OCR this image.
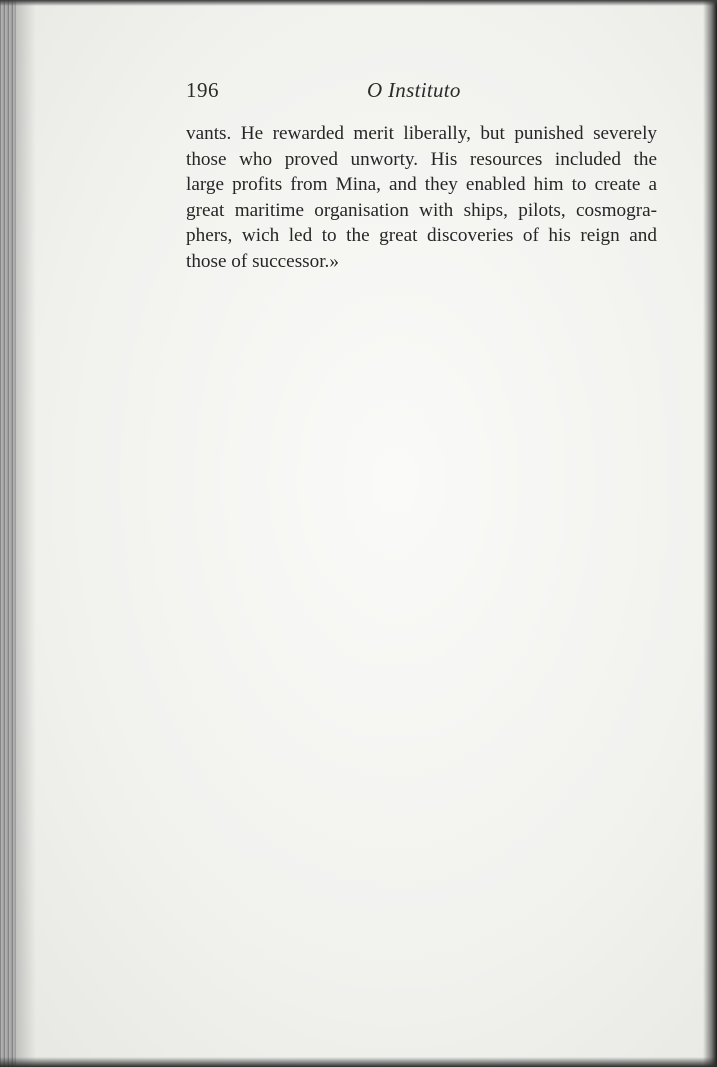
196	O Instituto
vants. He rewarded merit liberally, but punished severely
those who proved unworty. His resources included the
large profits from Mina, and they enabled him to create a
great maritime organisation with ships, pilots, cosmogra-
phers, wich led to the great discoveries of his reign and
those of successor.»
